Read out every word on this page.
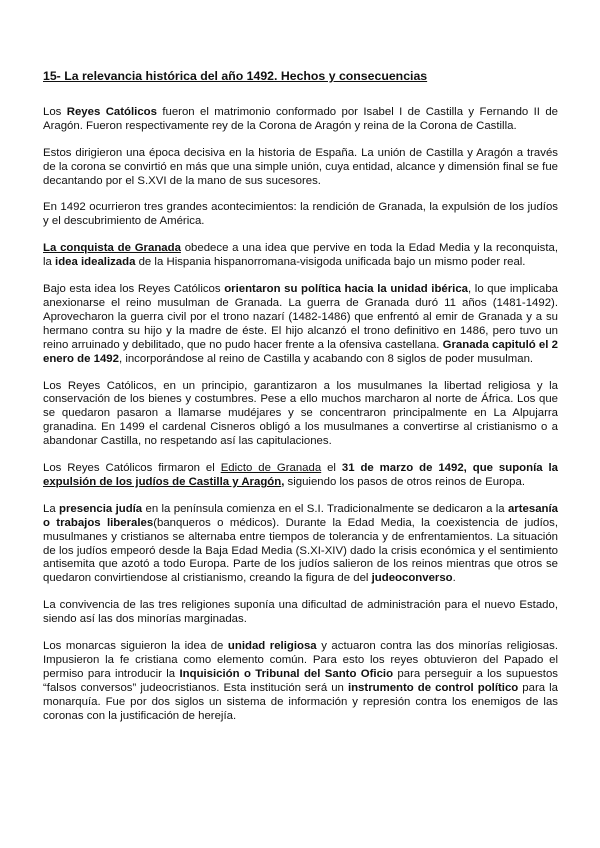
15- La relevancia histórica del año 1492. Hechos y consecuencias

Los Reyes Católicos fueron el matrimonio conformado por Isabel I de Castilla y Fernando II de Aragón. Fueron respectivamente rey de la Corona de Aragón y reina de la Corona de Castilla.

Estos dirigieron una época decisiva en la historia de España. La unión de Castilla y Aragón a través de la corona se convirtió en más que una simple unión, cuya entidad, alcance y dimensión final se fue decantando por el S.XVI de la mano de sus sucesores.

En 1492 ocurrieron tres grandes acontecimientos: la rendición de Granada, la expulsión de los judíos y el descubrimiento de América.

La conquista de Granada obedece a una idea que pervive en toda la Edad Media y la reconquista, la idea idealizada de la Hispania hispanorromana-visigoda unificada bajo un mismo poder real.

Bajo esta idea los Reyes Católicos orientaron su política hacia la unidad ibérica, lo que implicaba anexionarse el reino musulman de Granada. La guerra de Granada duró 11 años (1481-1492). Aprovecharon la guerra civil por el trono nazarí (1482-1486) que enfrentó al emir de Granada y a su hermano contra su hijo y la madre de éste. El hijo alcanzó el trono definitivo en 1486, pero tuvo un reino arruinado y debilitado, que no pudo hacer frente a la ofensiva castellana. Granada capituló el 2 enero de 1492, incorporándose al reino de Castilla y acabando con 8 siglos de poder musulman.

Los Reyes Católicos, en un principio, garantizaron a los musulmanes la libertad religiosa y la conservación de los bienes y costumbres. Pese a ello muchos marcharon al norte de África. Los que se quedaron pasaron a llamarse mudéjares y se concentraron principalmente en La Alpujarra granadina. En 1499 el cardenal Cisneros obligó a los musulmanes a convertirse al cristianismo o a abandonar Castilla, no respetando así las capitulaciones.

Los Reyes Católicos firmaron el Edicto de Granada el 31 de marzo de 1492, que suponía la expulsión de los judíos de Castilla y Aragón, siguiendo los pasos de otros reinos de Europa.

La presencia judía en la península comienza en el S.I. Tradicionalmente se dedicaron a la artesanía o trabajos liberales(banqueros o médicos). Durante la Edad Media, la coexistencia de judíos, musulmanes y cristianos se alternaba entre tiempos de tolerancia y de enfrentamientos. La situación de los judíos empeoró desde la Baja Edad Media (S.XI-XIV) dado la crisis económica y el sentimiento antisemita que azotó a todo Europa. Parte de los judíos salieron de los reinos mientras que otros se quedaron convirtiendose al cristianismo, creando la figura de del judeoconverso.

La convivencia de las tres religiones suponía una dificultad de administración para el nuevo Estado, siendo así las dos minorías marginadas.

Los monarcas siguieron la idea de unidad religiosa y actuaron contra las dos minorías religiosas. Impusieron la fe cristiana como elemento común. Para esto los reyes obtuvieron del Papado el permiso para introducir la Inquisición o Tribunal del Santo Oficio para perseguir a los supuestos “falsos conversos” judeocristianos. Esta institución será un instrumento de control político para la monarquía. Fue por dos siglos un sistema de información y represión contra los enemigos de las coronas con la justificación de herejía.
